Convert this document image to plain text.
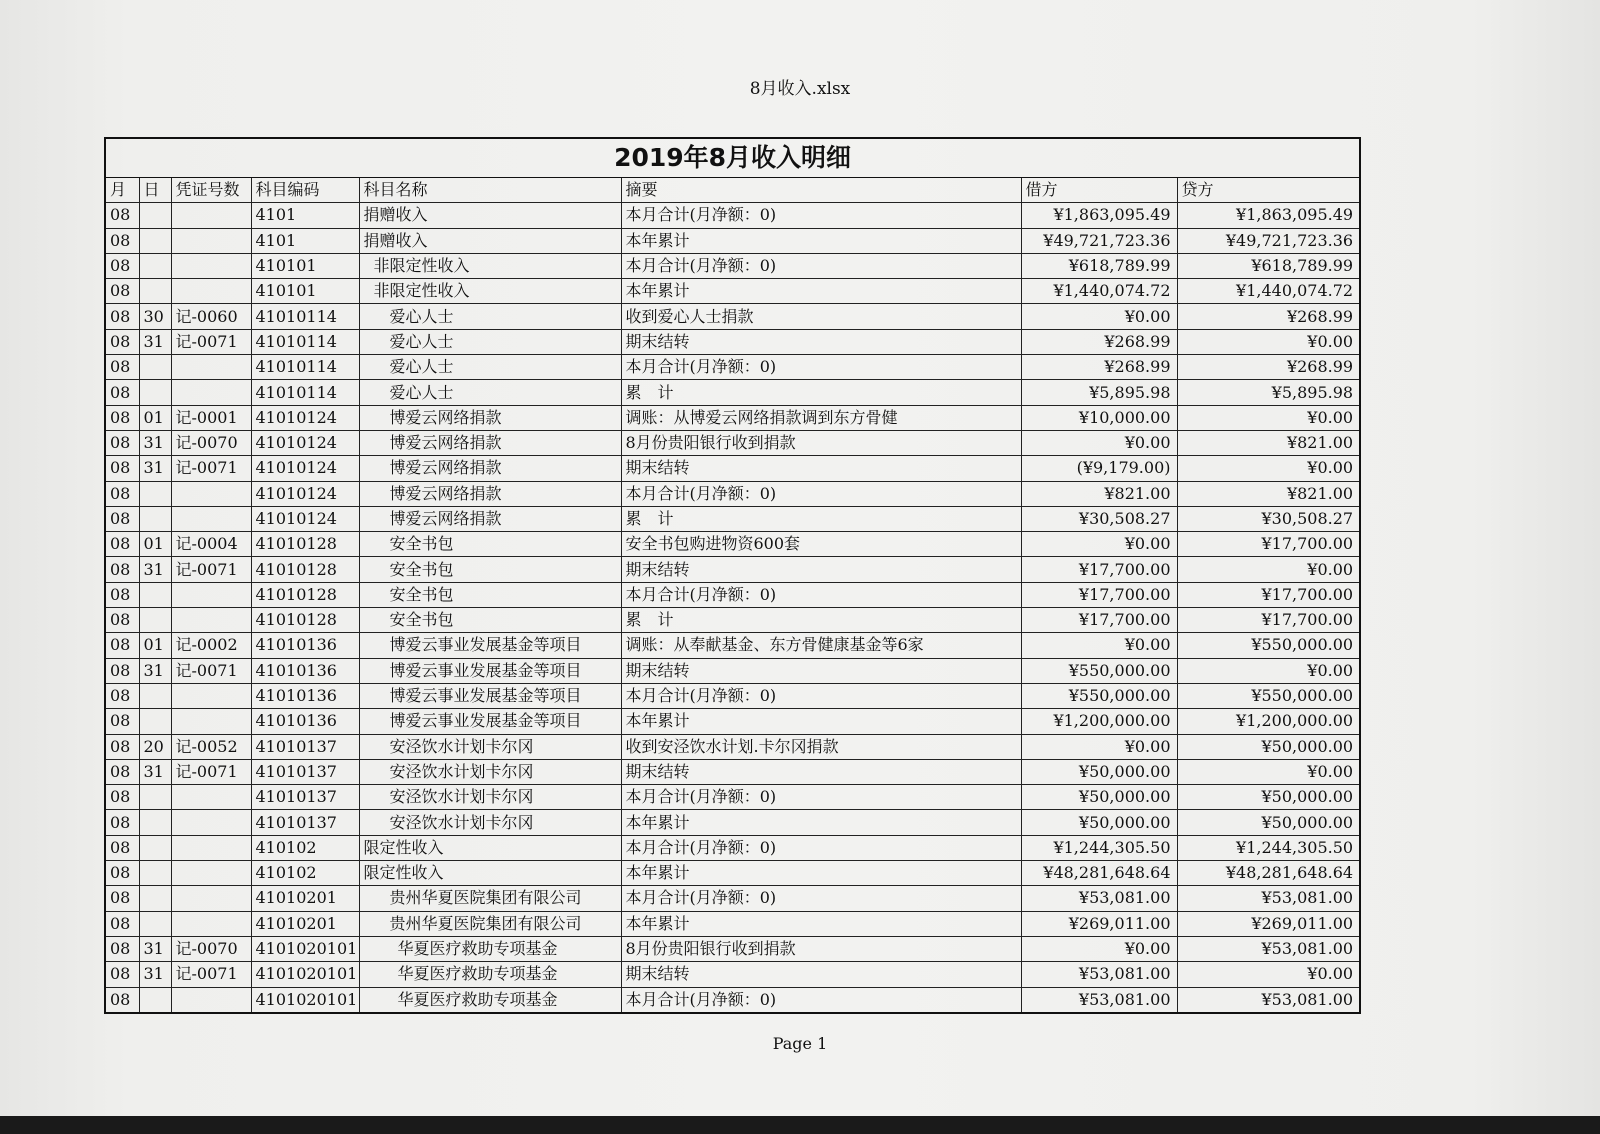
8月收入.xlsx
2019年8月收入明细							
月	日	凭证号数	科目编码	科目名称	摘要	借方	贷方
08			4101	捐赠收入	本月合计(月净额：0)	¥1,863,095.49	¥1,863,095.49
08			4101	捐赠收入	本年累计	¥49,721,723.36	¥49,721,723.36
08			410101	非限定性收入	本月合计(月净额：0)	¥618,789.99	¥618,789.99
08			410101	非限定性收入	本年累计	¥1,440,074.72	¥1,440,074.72
08	30	记-0060	41010114	爱心人士	收到爱心人士捐款	¥0.00	¥268.99
08	31	记-0071	41010114	爱心人士	期末结转	¥268.99	¥0.00
08			41010114	爱心人士	本月合计(月净额：0)	¥268.99	¥268.99
08			41010114	爱心人士	累　计	¥5,895.98	¥5,895.98
08	01	记-0001	41010124	博爱云网络捐款	调账：从博爱云网络捐款调到东方骨健	¥10,000.00	¥0.00
08	31	记-0070	41010124	博爱云网络捐款	8月份贵阳银行收到捐款	¥0.00	¥821.00
08	31	记-0071	41010124	博爱云网络捐款	期末结转	(¥9,179.00)	¥0.00
08			41010124	博爱云网络捐款	本月合计(月净额：0)	¥821.00	¥821.00
08			41010124	博爱云网络捐款	累　计	¥30,508.27	¥30,508.27
08	01	记-0004	41010128	安全书包	安全书包购进物资600套	¥0.00	¥17,700.00
08	31	记-0071	41010128	安全书包	期末结转	¥17,700.00	¥0.00
08			41010128	安全书包	本月合计(月净额：0)	¥17,700.00	¥17,700.00
08			41010128	安全书包	累　计	¥17,700.00	¥17,700.00
08	01	记-0002	41010136	博爱云事业发展基金等项目	调账：从奉献基金、东方骨健康基金等6家	¥0.00	¥550,000.00
08	31	记-0071	41010136	博爱云事业发展基金等项目	期末结转	¥550,000.00	¥0.00
08			41010136	博爱云事业发展基金等项目	本月合计(月净额：0)	¥550,000.00	¥550,000.00
08			41010136	博爱云事业发展基金等项目	本年累计	¥1,200,000.00	¥1,200,000.00
08	20	记-0052	41010137	安泾饮水计划卡尔冈	收到安泾饮水计划.卡尔冈捐款	¥0.00	¥50,000.00
08	31	记-0071	41010137	安泾饮水计划卡尔冈	期末结转	¥50,000.00	¥0.00
08			41010137	安泾饮水计划卡尔冈	本月合计(月净额：0)	¥50,000.00	¥50,000.00
08			41010137	安泾饮水计划卡尔冈	本年累计	¥50,000.00	¥50,000.00
08			410102	限定性收入	本月合计(月净额：0)	¥1,244,305.50	¥1,244,305.50
08			410102	限定性收入	本年累计	¥48,281,648.64	¥48,281,648.64
08			41010201	贵州华夏医院集团有限公司	本月合计(月净额：0)	¥53,081.00	¥53,081.00
08			41010201	贵州华夏医院集团有限公司	本年累计	¥269,011.00	¥269,011.00
08	31	记-0070	4101020101	华夏医疗救助专项基金	8月份贵阳银行收到捐款	¥0.00	¥53,081.00
08	31	记-0071	4101020101	华夏医疗救助专项基金	期末结转	¥53,081.00	¥0.00
08			4101020101	华夏医疗救助专项基金	本月合计(月净额：0)	¥53,081.00	¥53,081.00
Page 1
